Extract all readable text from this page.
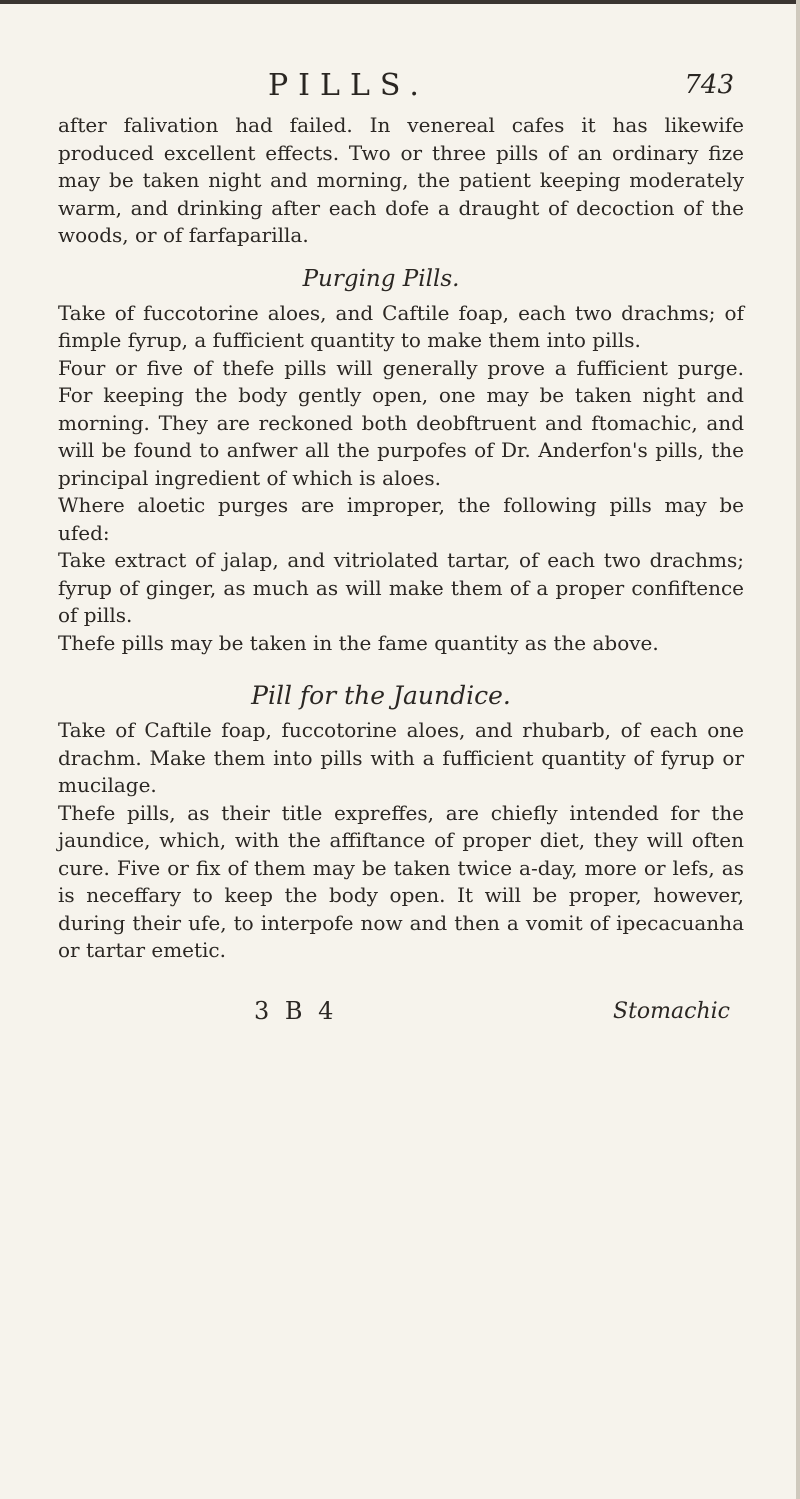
PILLS.	743

after falivation had failed. In venereal cafes it has likewife produced excellent effects. Two or three pills of an ordinary fize may be taken night and morning, the patient keeping moderately warm, and drinking after each dofe a draught of decoction of the woods, or of farfaparilla.

Purging Pills.

Take of fuccotorine aloes, and Caftile foap, each two drachms; of fimple fyrup, a fufficient quantity to make them into pills.

Four or five of thefe pills will generally prove a fufficient purge. For keeping the body gently open, one may be taken night and morning. They are reckoned both deobftruent and ftomachic, and will be found to anfwer all the purpofes of Dr. Anderfon's pills, the principal ingredient of which is aloes.

Where aloetic purges are improper, the following pills may be ufed:

Take extract of jalap, and vitriolated tartar, of each two drachms; fyrup of ginger, as much as will make them of a proper confiftence of pills.

Thefe pills may be taken in the fame quantity as the above.

Pill for the Jaundice.

Take of Caftile foap, fuccotorine aloes, and rhubarb, of each one drachm. Make them into pills with a fufficient quantity of fyrup or mucilage.

Thefe pills, as their title expreffes, are chiefly intended for the jaundice, which, with the affiftance of proper diet, they will often cure. Five or fix of them may be taken twice a-day, more or lefs, as is neceffary to keep the body open. It will be proper, however, during their ufe, to interpofe now and then a vomit of ipecacuanha or tartar emetic.

3 B 4	Stomachic
